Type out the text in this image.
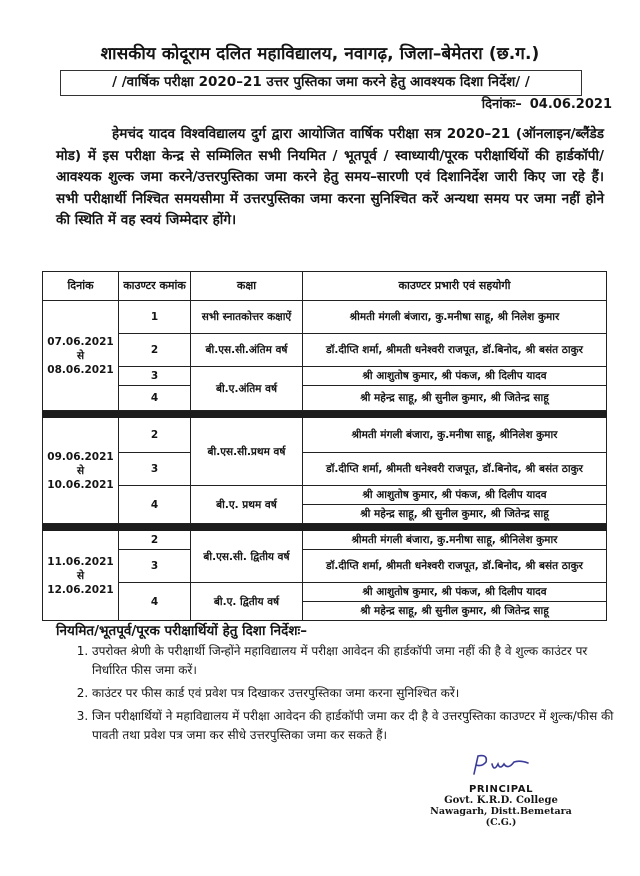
शासकीय कोदूराम दलित महाविद्यालय, नवागढ़, जिला–बेमेतरा (छ.ग.)
/ /वार्षिक परीक्षा 2020–21 उत्तर पुस्तिका जमा करने हेतु आवश्यक दिशा निर्देश/ /
दिनांकः– 04.06.2021

हेमचंद यादव विश्वविद्यालय दुर्ग द्वारा आयोजित वार्षिक परीक्षा सत्र 2020–21 (ऑनलाइन/ब्लैंडेड मोड) में इस परीक्षा केन्द्र से सम्मिलित सभी नियमित / भूतपूर्व / स्वाध्यायी/पूरक परीक्षार्थियों की हार्डकॉपी/आवश्यक शुल्क जमा करने/उत्तरपुस्तिका जमा करने हेतु समय–सारणी एवं दिशानिर्देश जारी किए जा रहे हैं। सभी परीक्षार्थी निश्चित समयसीमा में उत्तरपुस्तिका जमा करना सुनिश्चित करें अन्यथा समय पर जमा नहीं होने की स्थिति में वह स्वयं जिम्मेदार होंगे।

दिनांक	काउण्टर कमांक	कक्षा	काउण्टर प्रभारी एवं सहयोगी

07.06.2021
से
08.06.2021	1	सभी स्नातकोत्तर कक्षाऐं	श्रीमती मंगली बंजारा, कु.मनीषा साहू, श्री निलेश कुमार
	2	बी.एस.सी.अंतिम वर्ष	डॉ.दीप्ति शर्मा, श्रीमती धनेश्वरी राजपूत, डॉ.बिनोद, श्री बसंत ठाकुर
	3	बी.ए.अंतिम वर्ष	श्री आशुतोष कुमार, श्री पंकज, श्री दिलीप यादव
	4		श्री महेन्द्र साहू, श्री सुनील कुमार, श्री जितेन्द्र साहू

09.06.2021
से
10.06.2021	2	बी.एस.सी.प्रथम वर्ष	श्रीमती मंगली बंजारा, कु.मनीषा साहू, श्रीनिलेश कुमार
	3		डॉ.दीप्ति शर्मा, श्रीमती धनेश्वरी राजपूत, डॉ.बिनोद, श्री बसंत ठाकुर
	4	बी.ए. प्रथम वर्ष	श्री आशुतोष कुमार, श्री पंकज, श्री दिलीप यादव
			श्री महेन्द्र साहू, श्री सुनील कुमार, श्री जितेन्द्र साहू

11.06.2021
से
12.06.2021	2	बी.एस.सी. द्वितीय वर्ष	श्रीमती मंगली बंजारा, कु.मनीषा साहू, श्रीनिलेश कुमार
	3		डॉ.दीप्ति शर्मा, श्रीमती धनेश्वरी राजपूत, डॉ.बिनोद, श्री बसंत ठाकुर
	4	बी.ए. द्वितीय वर्ष	श्री आशुतोष कुमार, श्री पंकज, श्री दिलीप यादव
			श्री महेन्द्र साहू, श्री सुनील कुमार, श्री जितेन्द्र साहू
नियमित/भूतपूर्व/पूरक परीक्षार्थियों हेतु दिशा निर्देशः–
1. उपरोक्त श्रेणी के परीक्षार्थी जिन्होंने महाविद्यालय में परीक्षा आवेदन की हार्डकॉपी जमा नहीं की है वे शुल्क काउंटर पर निर्धारित फीस जमा करें।
2. काउंटर पर फीस कार्ड एवं प्रवेश पत्र दिखाकर उत्तरपुस्तिका जमा करना सुनिश्चित करें।
3. जिन परीक्षार्थियों ने महाविद्यालय में परीक्षा आवेदन की हार्डकॉपी जमा कर दी है वे उत्तरपुस्तिका काउण्टर में शुल्क/फीस की पावती तथा प्रवेश पत्र जमा कर सीधे उत्तरपुस्तिका जमा कर सकते हैं।
PRINCIPAL
Govt. K.R.D. College
Nawagarh, Distt.Bemetara (C.G.)
